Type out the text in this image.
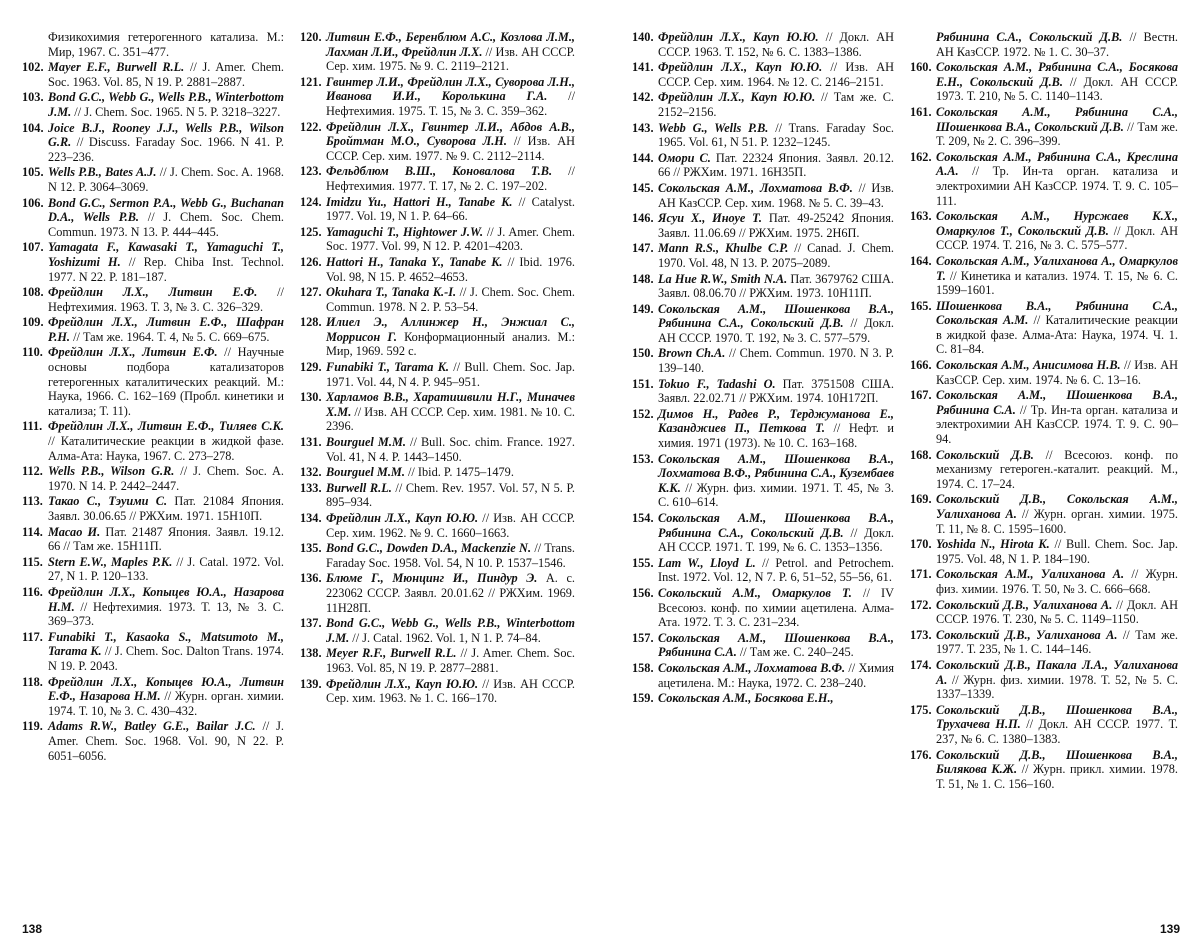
Физикохимия гетерогенного катализа. М.: Мир, 1967. С. 351–477.
102. Mayer E.F., Burwell R.L. // J. Amer. Chem. Soc. 1963. Vol. 85, N 19. P. 2881–2887.
103. Bond G.C., Webb G., Wells P.B., Winterbottom J.M. // J. Chem. Soc. 1965. N 5. P. 3218–3227.
104. Joice B.J., Rooney J.J., Wells P.B., Wilson G.R. // Discuss. Faraday Soc. 1966. N 41. P. 223–236.
105. Wells P.B., Bates A.J. // J. Chem. Soc. A. 1968. N 12. P. 3064–3069.
106. Bond G.C., Sermon P.A., Webb G., Buchanan D.A., Wells P.B. // J. Chem. Soc. Chem. Commun. 1973. N 13. P. 444–445.
107. Yamagata F., Kawasaki T., Yamaguchi T., Yoshizumi H. // Rep. Chiba Inst. Technol. 1977. N 22. P. 181–187.
108. Фрейдлин Л.Х., Литвин Е.Ф. // Нефтехимия. 1963. Т. 3, № 3. С. 326–329.
109. Фрейдлин Л.Х., Литвин Е.Ф., Шафран Р.Н. // Там же. 1964. Т. 4, № 5. С. 669–675.
110. Фрейдлин Л.Х., Литвин Е.Ф. // Научные основы подбора катализаторов гетерогенных каталитических реакций. М.: Наука, 1966. С. 162–169 (Пробл. кинетики и катализа; Т. 11).
111. Фрейдлин Л.Х., Литвин Е.Ф., Тиляев С.К. // Каталитические реакции в жидкой фазе. Алма-Ата: Наука, 1967. С. 273–278.
112. Wells P.B., Wilson G.R. // J. Chem. Soc. A. 1970. N 14. P. 2442–2447.
113. Такао С., Тэуими С. Пат. 21084 Япония. Заявл. 30.06.65 // РЖХим. 1971. 15Н10П.
114. Масао И. Пат. 21487 Япония. Заявл. 19.12. 66 // Там же. 15Н11П.
115. Stern E.W., Maples P.K. // J. Catal. 1972. Vol. 27, N 1. P. 120–133.
116. Фрейдлин Л.Х., Копыцев Ю.А., Назарова Н.М. // Нефтехимия. 1973. Т. 13, № 3. С. 369–373.
117. Funabiki T., Kasaoka S., Matsumoto M., Tarama K. // J. Chem. Soc. Dalton Trans. 1974. N 19. P. 2043.
118. Фрейдлин Л.Х., Копыцев Ю.А., Литвин Е.Ф., Назарова Н.М. // Журн. орган. химии. 1974. Т. 10, № 3. С. 430–432.
119. Adams R.W., Batley G.E., Bailar J.C. // J. Amer. Chem. Soc. 1968. Vol. 90, N 22. P. 6051–6056.
120. Литвин Е.Ф., Беренблюм А.С., Козлова Л.М., Лахман Л.И., Фрейдлин Л.Х. // Изв. АН СССР. Сер. хим. 1975. № 9. С. 2119–2121.
121. Гвинтер Л.И., Фрейдлин Л.Х., Суворова Л.Н., Иванова И.И., Королькина Г.А. // Нефтехимия. 1975. Т. 15, № 3. С. 359–362.
122. Фрейдлин Л.Х., Гвинтер Л.И., Абдов А.В., Бройтман М.О., Суворова Л.Н. // Изв. АН СССР. Сер. хим. 1977. № 9. С. 2112–2114.
123. Фельдблюм В.Ш., Коновалова Т.В. // Нефтехимия. 1977. Т. 17, № 2. С. 197–202.
124. Imidzu Yu., Hattori H., Tanabe K. // Catalyst. 1977. Vol. 19, N 1. P. 64–66.
125. Yamaguchi T., Hightower J.W. // J. Amer. Chem. Soc. 1977. Vol. 99, N 12. P. 4201–4203.
126. Hattori H., Tanaka Y., Tanabe K. // Ibid. 1976. Vol. 98, N 15. P. 4652–4653.
127. Okuhara T., Tanaka K.-I. // J. Chem. Soc. Chem. Commun. 1978. N 2. P. 53–54.
128. Илиел Э., Аллинжер Н., Энжиал С., Моррисон Г. Конформационный анализ. М.: Мир, 1969. 592 с.
129. Funabiki T., Tarama K. // Bull. Chem. Soc. Jap. 1971. Vol. 44, N 4. P. 945–951.
130. Харламов В.В., Харатишвили Н.Г., Миначев Х.М. // Изв. АН СССР. Сер. хим. 1981. № 10. С. 2396.
131. Bourguel M.M. // Bull. Soc. chim. France. 1927. Vol. 41, N 4. P. 1443–1450.
132. Bourguel M.M. // Ibid. P. 1475–1479.
133. Burwell R.L. // Chem. Rev. 1957. Vol. 57, N 5. P. 895–934.
134. Фрейдлин Л.Х., Кауп Ю.Ю. // Изв. АН СССР. Сер. хим. 1962. № 9. С. 1660–1663.
135. Bond G.C., Dowden D.A., Mackenzie N. // Trans. Faraday Soc. 1958. Vol. 54, N 10. P. 1537–1546.
136. Блюме Г., Мюнцинг И., Пиндур Э. А. с. 223062 ССCP. Заявл. 20.01.62 // РЖХим. 1969. 11Н28П.
137. Bond G.C., Webb G., Wells P.B., Winterbottom J.M. // J. Catal. 1962. Vol. 1, N 1. P. 74–84.
138. Meyer R.F., Burwell R.L. // J. Amer. Chem. Soc. 1963. Vol. 85, N 19. P. 2877–2881.
139. Фрейдлин Л.Х., Кауп Ю.Ю. // Изв. АН СССР. Сер. хим. 1963. № 1. С. 166–170.
140. Фрейдлин Л.Х., Кауп Ю.Ю. // Докл. АН СССР. 1963. Т. 152, № 6. С. 1383–1386.
141. Фрейдлин Л.Х., Кауп Ю.Ю. // Изв. АН СССР. Сер. хим. 1964. № 12. С. 2146–2151.
142. Фрейдлин Л.Х., Кауп Ю.Ю. // Там же. С. 2152–2156.
143. Webb G., Wells P.B. // Trans. Faraday Soc. 1965. Vol. 61, N 51. P. 1232–1245.
144. Омори С. Пат. 22324 Япония. Заявл. 20.12. 66 // РЖХим. 1971. 16Н35П.
145. Сокольская А.М., Лохматова В.Ф. // Изв. АН КазССР. Сер. хим. 1968. № 5. С. 39–43.
146. Ясуи Х., Иноуе Т. Пат. 49-25242 Япония. Заявл. 11.06.69 // РЖХим. 1975. 2Н6П.
147. Mann R.S., Khulbe C.P. // Canad. J. Chem. 1970. Vol. 48, N 13. P. 2075–2089.
148. La Hue R.W., Smith N.A. Пат. 3679762 США. Заявл. 08.06.70 // РЖХим. 1973. 10Н11П.
149. Сокольская А.М., Шошенкова В.А., Рябинина С.А., Сокольский Д.В. // Докл. АН СССР. 1970. Т. 192, № 3. С. 577–579.
150. Brown Ch.A. // Chem. Commun. 1970. N 3. P. 139–140.
151. Tokuo F., Tadashi O. Пат. 3751508 США. Заявл. 22.02.71 // РЖХим. 1974. 10Н172П.
152. Димов Н., Радев Р., Терджуманова Е., Казанджиев П., Петкова Т. // Нефт. и химия. 1971 (1973). № 10. С. 163–168.
153. Сокольская А.М., Шошенкова В.А., Лохматова В.Ф., Рябинина С.А., Кузембаев К.К. // Журн. физ. химии. 1971. Т. 45, № 3. С. 610–614.
154. Сокольская А.М., Шошенкова В.А., Рябинина С.А., Сокольский Д.В. // Докл. АН СССР. 1971. Т. 199, № 6. С. 1353–1356.
155. Lam W., Lloyd L. // Petrol. and Petrochem. Inst. 1972. Vol. 12, N 7. P. 6, 51–52, 55–56, 61.
156. Сокольский А.М., Омаркулов Т. // IV Всесоюз. конф. по химии ацетилена. Алма-Ата. 1972. Т. 3. С. 231–234.
157. Сокольская А.М., Шошенкова В.А., Рябинина С.А. // Там же. С. 240–245.
158. Сокольская А.М., Лохматова В.Ф. // Химия ацетилена. М.: Наука, 1972. С. 238–240.
159. Сокольская А.М., Босякова Е.Н.,
Рябинина С.А., Сокольский Д.В. // Вестн. АН КазССР. 1972. № 1. С. 30–37.
160. Сокольская А.М., Рябинина С.А., Босякова Е.Н., Сокольский Д.В. // Докл. АН СССР. 1973. Т. 210, № 5. С. 1140–1143.
161. Сокольская А.М., Рябинина С.А., Шошенкова В.А., Сокольский Д.В. // Там же. Т. 209, № 2. С. 396–399.
162. Сокольская А.М., Рябинина С.А., Креслина А.А. // Тр. Ин-та орган. катализа и электрохимии АН КазССР. 1974. Т. 9. С. 105–111.
163. Сокольская А.М., Нурсжаев К.Х., Омаркулов Т., Сокольский Д.В. // Докл. АН СССР. 1974. Т. 216, № 3. С. 575–577.
164. Сокольская А.М., Уалиханова А., Омаркулов Т. // Кинетика и катализ. 1974. Т. 15, № 6. С. 1599–1601.
165. Шошенкова В.А., Рябинина С.А., Сокольская А.М. // Каталитические реакции в жидкой фазе. Алма-Ата: Наука, 1974. Ч. 1. С. 81–84.
166. Сокольская А.М., Анисимова Н.В. // Изв. АН КазССР. Сер. хим. 1974. № 6. С. 13–16.
167. Сокольская А.М., Шошенкова В.А., Рябинина С.А. // Тр. Ин-та орган. катализа и электрохимии АН КазССР. 1974. Т. 9. С. 90–94.
168. Сокольский Д.В. // Всесоюз. конф. по механизму гетероген.-каталит. реакций. М., 1974. С. 17–24.
169. Сокольский Д.В., Сокольская А.М., Уалиханова А. // Журн. орган. химии. 1975. Т. 11, № 8. С. 1595–1600.
170. Yoshida N., Hirota K. // Bull. Chem. Soc. Jap. 1975. Vol. 48, N 1. P. 184–190.
171. Сокольская А.М., Уалиханова А. // Журн. физ. химии. 1976. Т. 50, № 3. С. 666–668.
172. Сокольский Д.В., Уалиханова А. // Докл. АН СССР. 1976. Т. 230, № 5. С. 1149–1150.
173. Сокольский Д.В., Уалиханова А. // Там же. 1977. Т. 235, № 1. С. 144–146.
174. Сокольский Д.В., Пакала Л.А., Уалиханова А. // Журн. физ. химии. 1978. Т. 52, № 5. С. 1337–1339.
175. Сокольский Д.В., Шошенкова В.А., Трухачева Н.П. // Докл. АН СССР. 1977. Т. 237, № 6. С. 1380–1383.
176. Сокольский Д.В., Шошенкова В.А., Билякова К.Ж. // Журн. прикл. химии. 1978. Т. 51, № 1. С. 156–160.
138	139
